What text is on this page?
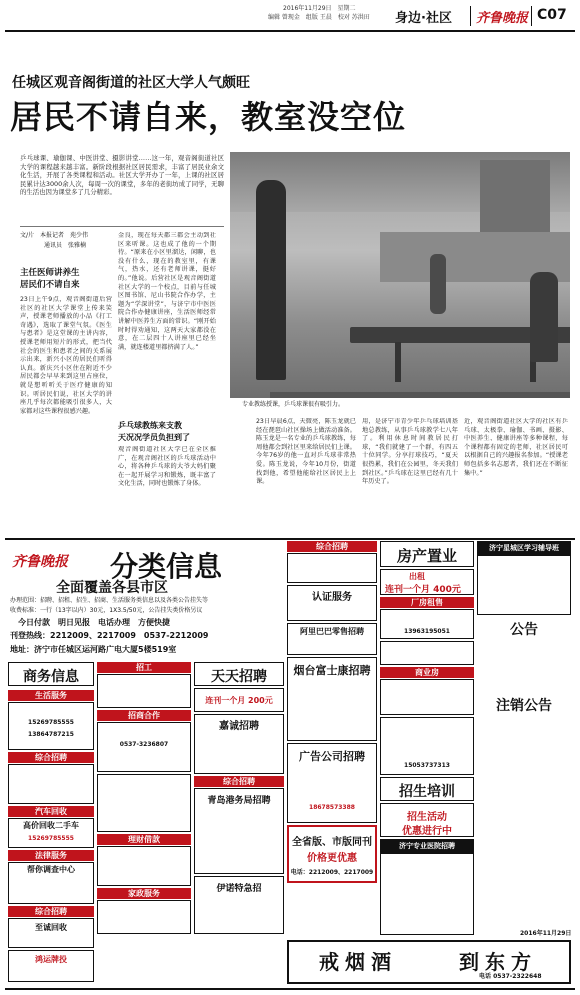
2016年11月29日　星期二
编辑 曾现金　组版 王晨　校对 苏洪田 身边·社区 齐鲁晚报 C07
任城区观音阁街道的社区大学人气颇旺
居民不请自来，教室没空位
乒乓球课、瑜伽课、中医讲堂、摄影讲堂……这一年，观音阁街道社区大学的课程越来越丰富。新阶段根据社区居民需求，丰富了居民业余文化生活，开展了各类课程和活动。社区大学开办了一年，上课的社区居民累计达3000余人次，每周一次的课堂，多年的老街坊成了同学，无聊的生活也因为课堂多了几分精彩。
文/片　本报记者　苑少伟
通讯员　张雅楠
主任医师讲养生
居民们不请自来
23日上午9点，观音阁街道后营社区的社区大学课堂上传来笑声，授课老师播放的小品《打工奇遇》，选取了课堂气氛。《医生与患者》是这堂课的主讲内容，授课老师用短片的形式，把当代社会的医生和患者之间的关系展示出来，新兴小区的居民们听得认真。新庆兴小区住在附近不少居民都会早早来到这里占座位，就是想听听关于医疗健康的知识。听居民们说，社区大学的讲座几乎每次都能吸引很多人，大家都对这些课程很感兴趣。
金良，现在每天都三都会主动到社区来听课。这也成了他的一个期待。“原来在小区里溜达，闲聊，也没有什么，现在的教室里，有课气，热水，还有老师讲课，挺好的。”他说。后营社区是观音阁街道社区大学的一个校点，目前与任城区图书馆、尼山书院合作办学，主题为“学深讲堂”，与济宁市中医医院合作办健康讲座，生活医师经常讲解中医养生方面的常识。“刚开始时时得劝通知，这两天大家都没在意，在二层四十人讲座里已经坐满，就连楼道里都挤满了人。”
乒乓球教练来支教
天况况学员负担到了
观音阁街道社区大学已在全区推广，在观音阁社区的乒乓球活动中心，将各种乒乓球的大爷大妈们聚在一起开展学习和锻炼，既丰富了文化生活，同时也锻炼了身体。
专业教练授课，乒乓球课很有吸引力。
23日早晨6点，天微亮，陈玉龙就已经在琵琶山社区操场上做活动准备。陈玉龙是一名专业的乒乓球教练，每周他都会到社区里来给居民们上课。今年76岁的他一直对乒乓球非常热爱。陈玉龙说，今年10月份，街道找到他，希望他能给社区居民上上课。
用，是济宁市青少年乒乓球培训基地总教练，从事乒乓球教学七八年了。利用休息时间教居民打球，“我们就建了一个群，有四五十位同学。分享打球技巧，“夏天很热累，我们在公园里，冬天我们到社区。”乒乓球在这里已经有几十年历史了。
近，观音阁街道社区大学的社区有乒乓球、太极拳、瑜伽、书画、摄影、中医养生、健康讲座等多种课程，每个课程都有固定的老师，社区居民可以根据自己的兴趣报名参加。“授课老师包括多名志愿者，我们还在不断征集中。”
齐鲁晚报 分类信息
全面覆盖各县市区
办理范围：招聘、招租、招生、招商、生活服务类信息以及各类公告挂失等
收费标准：一行（13字以内）30元，1X3.5/50元，公告挂失类价格另议
今日付款　明日见报　电话办理　方便快捷
刊登热线：2212009、2217009　0537-2212009
地址：济宁市任城区运河路广电大厦5楼519室
商务信息
生活服务
15269785555
13864787215
综合招聘
汽车回收
高价回收二手车
15269785555
法律服务
帮你调查中心
综合招聘
至诚回收
鸿运牌投
招工
招商合作
0537-3236807
理财借款
家政服务
天天招聘
连刊一个月 200元
嘉诚招聘
综合招聘
青岛港务局招聘
伊诺特急招
综合招聘
认证服务
阿里巴巴零售招聘
烟台富士康招聘
广告公司招聘
18678573388
全省版、市版同刊
价格更优惠
电话：2212009、2217009
房产置业
出租
连刊一个月 400元
厂房租售
13963195051
商业房
15053737313
招生培训
招生活动
优惠进行中
济宁专业医院招聘
济宁星城区学习辅导班
公告
注销公告
2016年11月29日
戒烟酒	到东方
电话 0537-2322648
